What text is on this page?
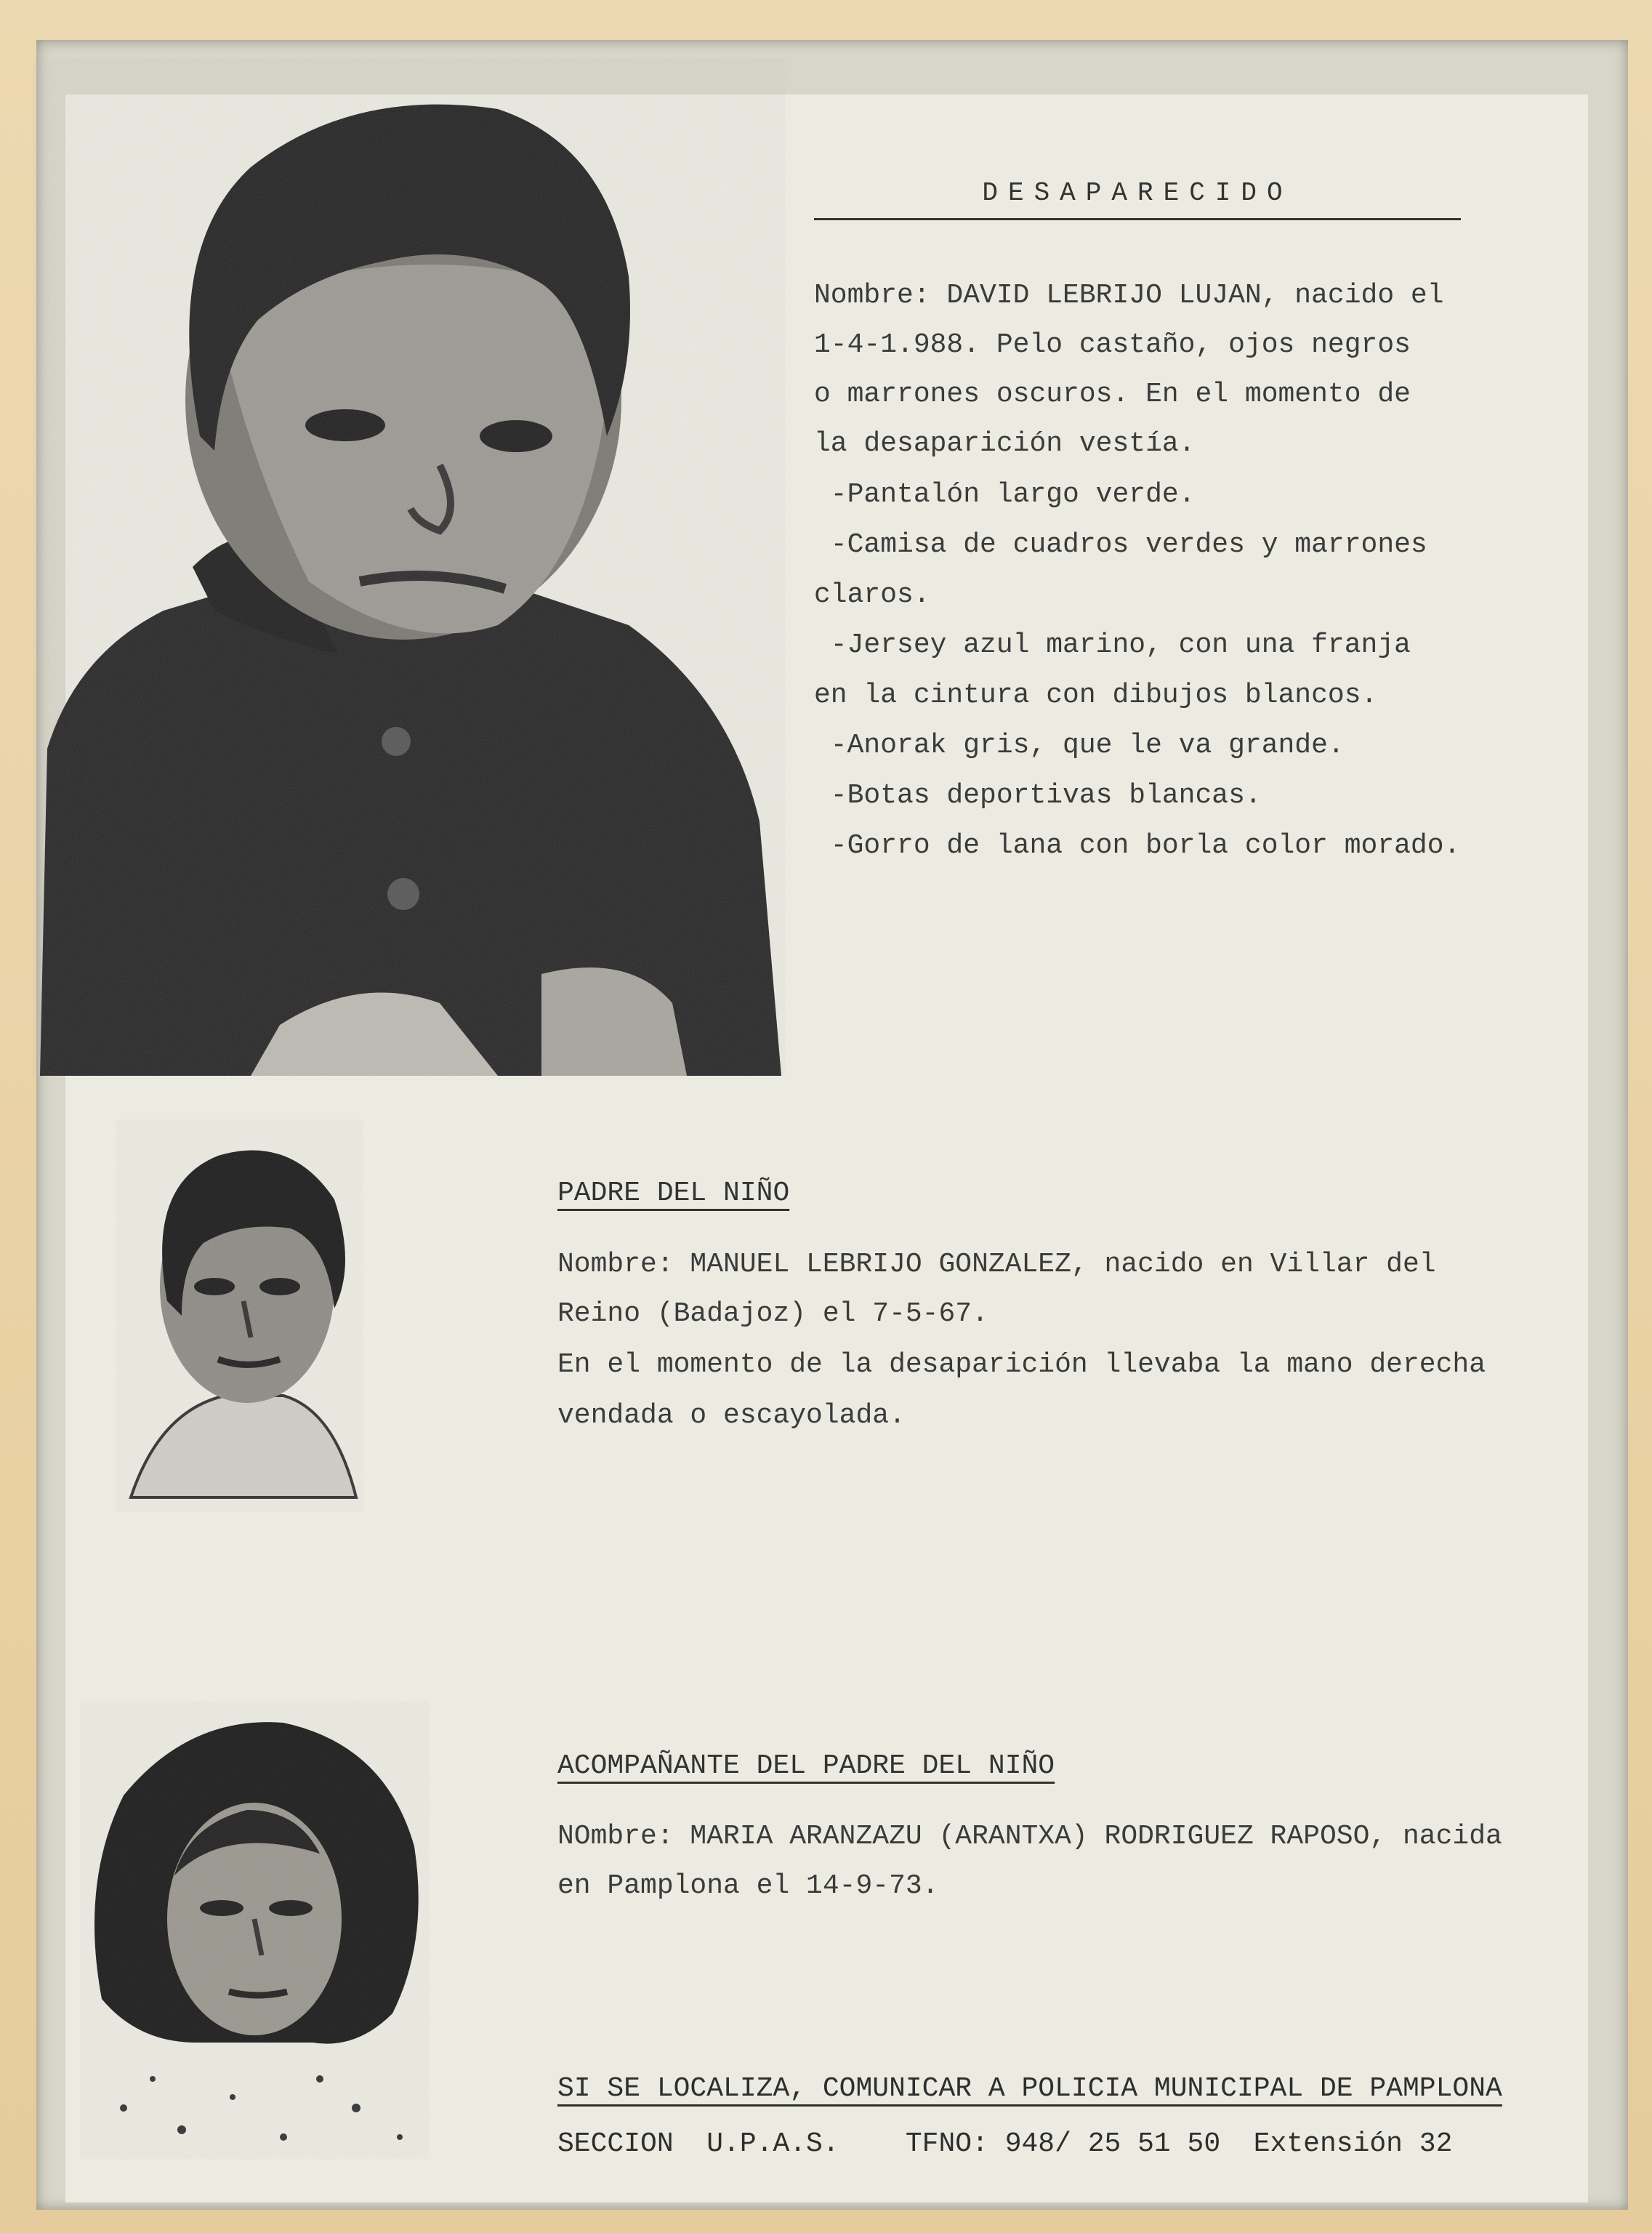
DESAPARECIDO
Nombre: DAVID LEBRIJO LUJAN, nacido el
1-4-1.988. Pelo castaño, ojos negros
o marrones oscuros. En el momento de
la desaparición vestía.
-Pantalón largo verde.
-Camisa de cuadros verdes y marrones
claros.
-Jersey azul marino, con una franja
en la cintura con dibujos blancos.
-Anorak gris, que le va grande.
-Botas deportivas blancas.
-Gorro de lana con borla color morado.
PADRE DEL NIÑO
Nombre: MANUEL LEBRIJO GONZALEZ, nacido en Villar del
Reino (Badajoz) el 7-5-67.
En el momento de la desaparición llevaba la mano derecha
vendada o escayolada.
ACOMPAÑANTE DEL PADRE DEL NIÑO
NOmbre: MARIA ARANZAZU (ARANTXA) RODRIGUEZ RAPOSO, nacida
en Pamplona el 14-9-73.
SI SE LOCALIZA, COMUNICAR A POLICIA MUNICIPAL DE PAMPLONA
SECCION  U.P.A.S.    TFNO: 948/ 25 51 50  Extensión 32
